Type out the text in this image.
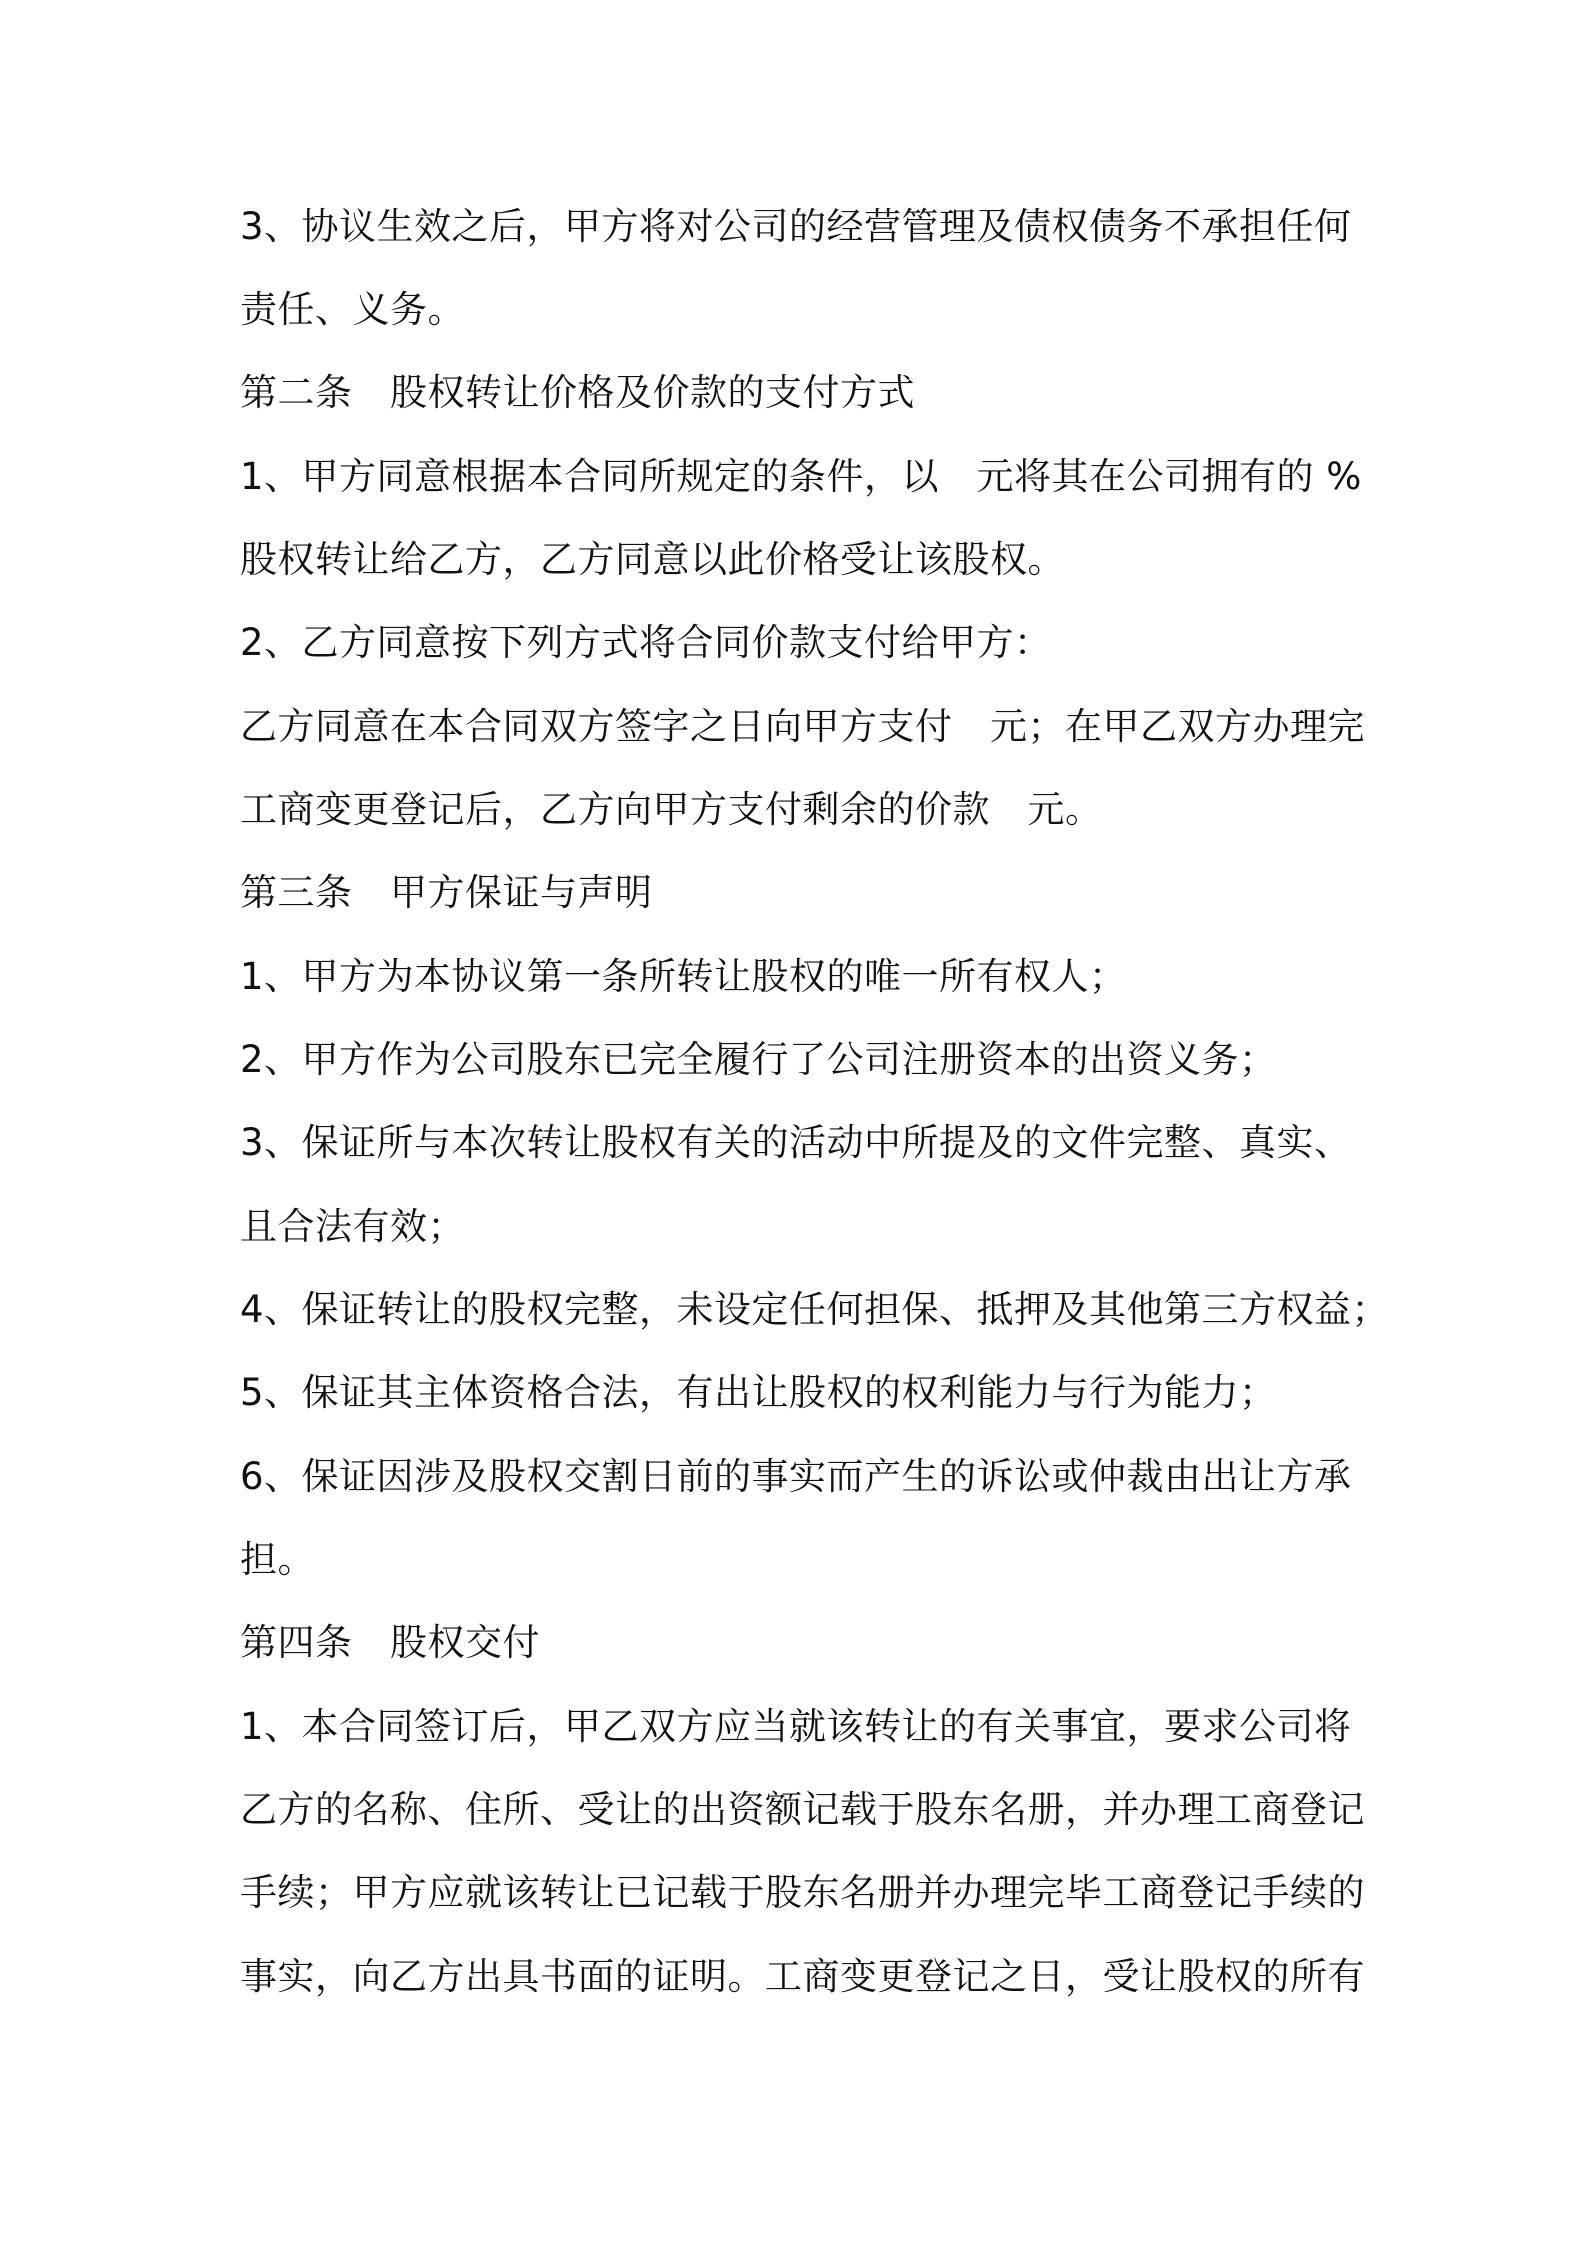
3、协议生效之后，甲方将对公司的经营管理及债权债务不承担任何
责任、义务。
第二条　股权转让价格及价款的支付方式
1、甲方同意根据本合同所规定的条件，以　元将其在公司拥有的 %
股权转让给乙方，乙方同意以此价格受让该股权。
2、乙方同意按下列方式将合同价款支付给甲方：
乙方同意在本合同双方签字之日向甲方支付　元；在甲乙双方办理完
工商变更登记后，乙方向甲方支付剩余的价款　元。
第三条　甲方保证与声明
1、甲方为本协议第一条所转让股权的唯一所有权人；
2、甲方作为公司股东已完全履行了公司注册资本的出资义务；
3、保证所与本次转让股权有关的活动中所提及的文件完整、真实、
且合法有效；
4、保证转让的股权完整，未设定任何担保、抵押及其他第三方权益；
5、保证其主体资格合法，有出让股权的权利能力与行为能力；
6、保证因涉及股权交割日前的事实而产生的诉讼或仲裁由出让方承
担。
第四条　股权交付
1、本合同签订后，甲乙双方应当就该转让的有关事宜，要求公司将
乙方的名称、住所、受让的出资额记载于股东名册，并办理工商登记
手续；甲方应就该转让已记载于股东名册并办理完毕工商登记手续的
事实，向乙方出具书面的证明。工商变更登记之日，受让股权的所有
